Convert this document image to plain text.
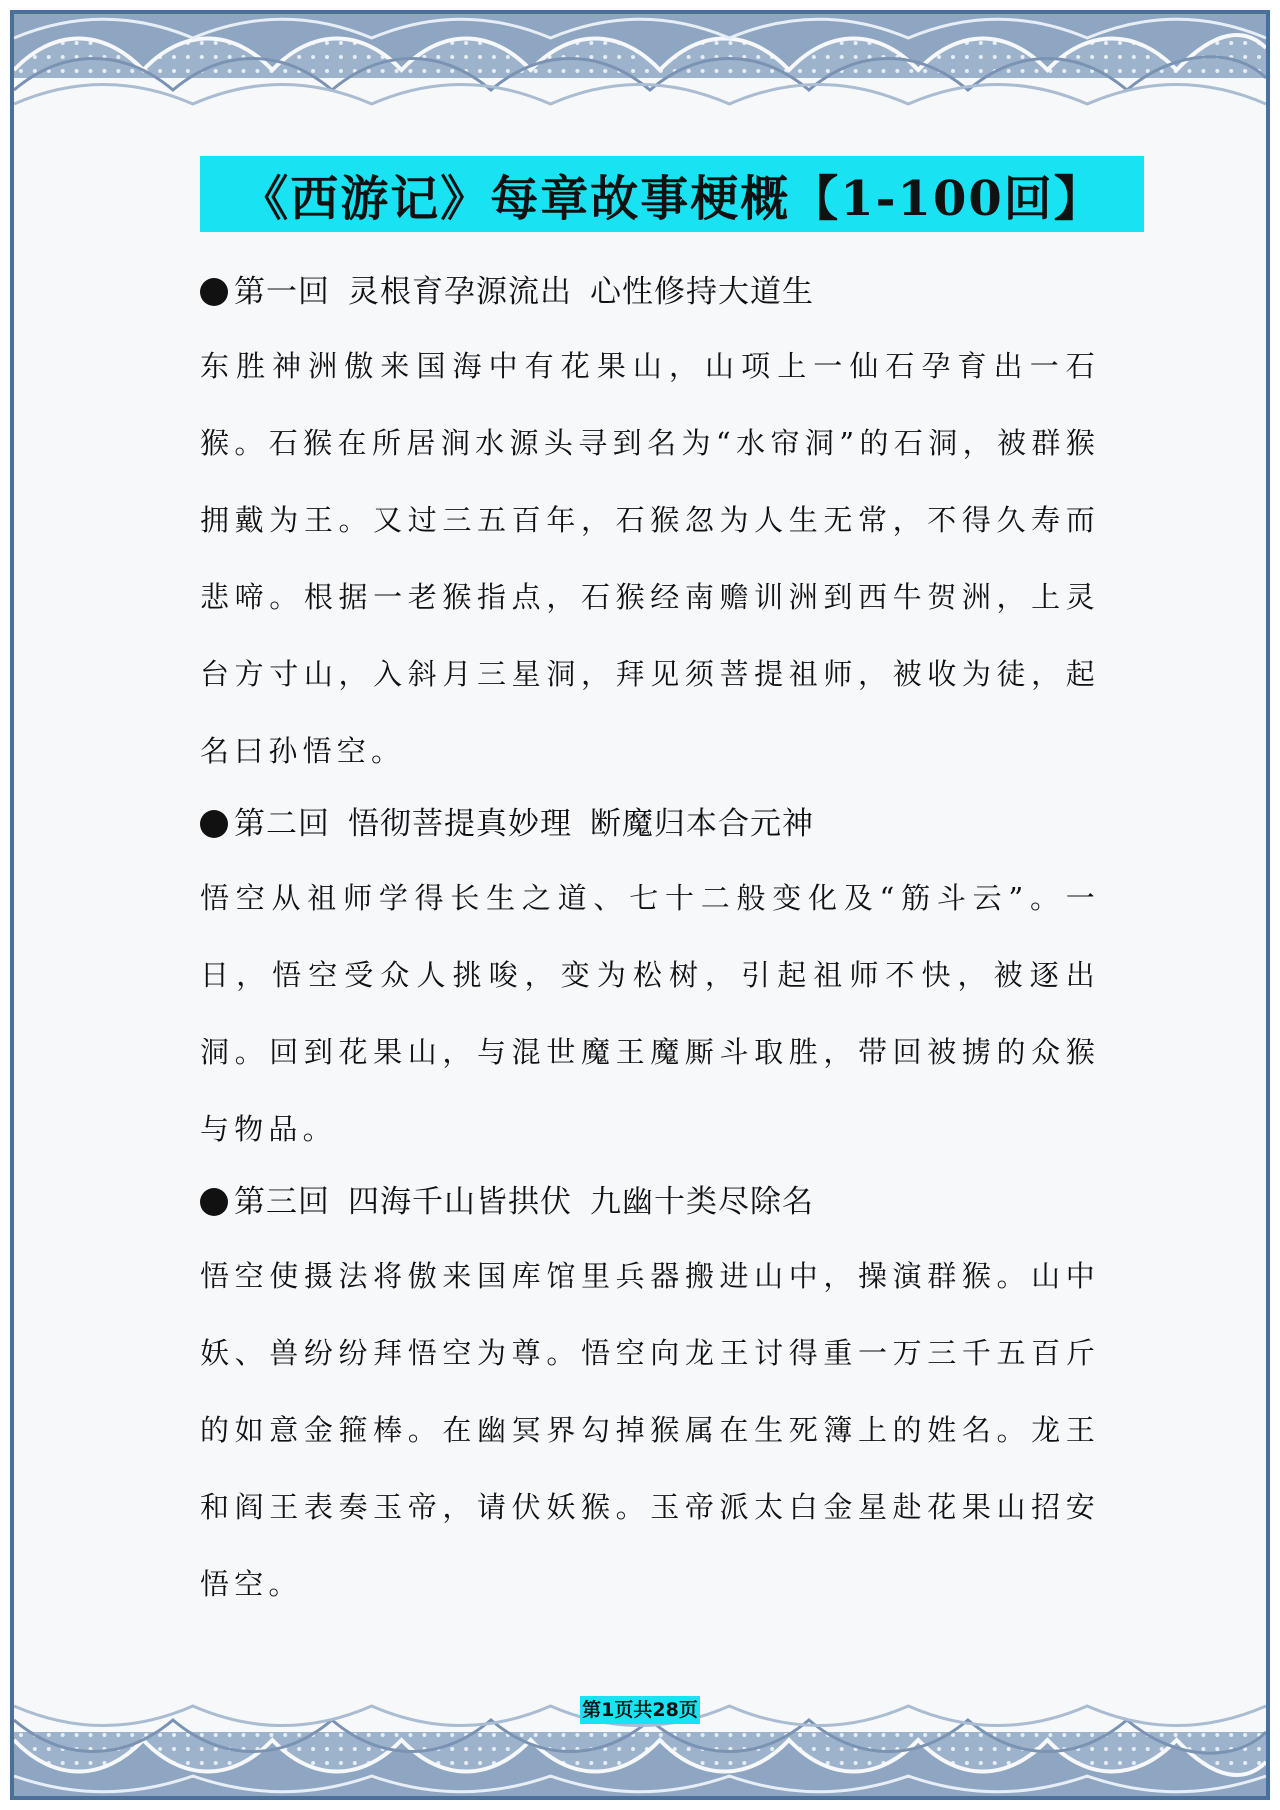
《西游记》每章故事梗概【1-100回】
第一回 灵根育孕源流出 心性修持大道生

东胜神洲傲来国海中有花果山，山项上一仙石孕育出一石猴。石猴在所居涧水源头寻到名为“水帘洞”的石洞，被群猴拥戴为王。又过三五百年，石猴忽为人生无常，不得久寿而悲啼。根据一老猴指点，石猴经南赡训洲到西牛贺洲，上灵台方寸山，入斜月三星洞，拜见须菩提祖师，被收为徒，起名曰孙悟空。

第二回 悟彻菩提真妙理 断魔归本合元神

悟空从祖师学得长生之道、七十二般变化及“筋斗云”。一日，悟空受众人挑唆，变为松树，引起祖师不快，被逐出洞。回到花果山，与混世魔王魔厮斗取胜，带回被掳的众猴与物品。

第三回 四海千山皆拱伏 九幽十类尽除名

悟空使摄法将傲来国库馆里兵器搬进山中，操演群猴。山中妖、兽纷纷拜悟空为尊。悟空向龙王讨得重一万三千五百斤的如意金箍棒。在幽冥界勾掉猴属在生死簿上的姓名。龙王和阎王表奏玉帝，请伏妖猴。玉帝派太白金星赴花果山招安悟空。

第1页共28页
